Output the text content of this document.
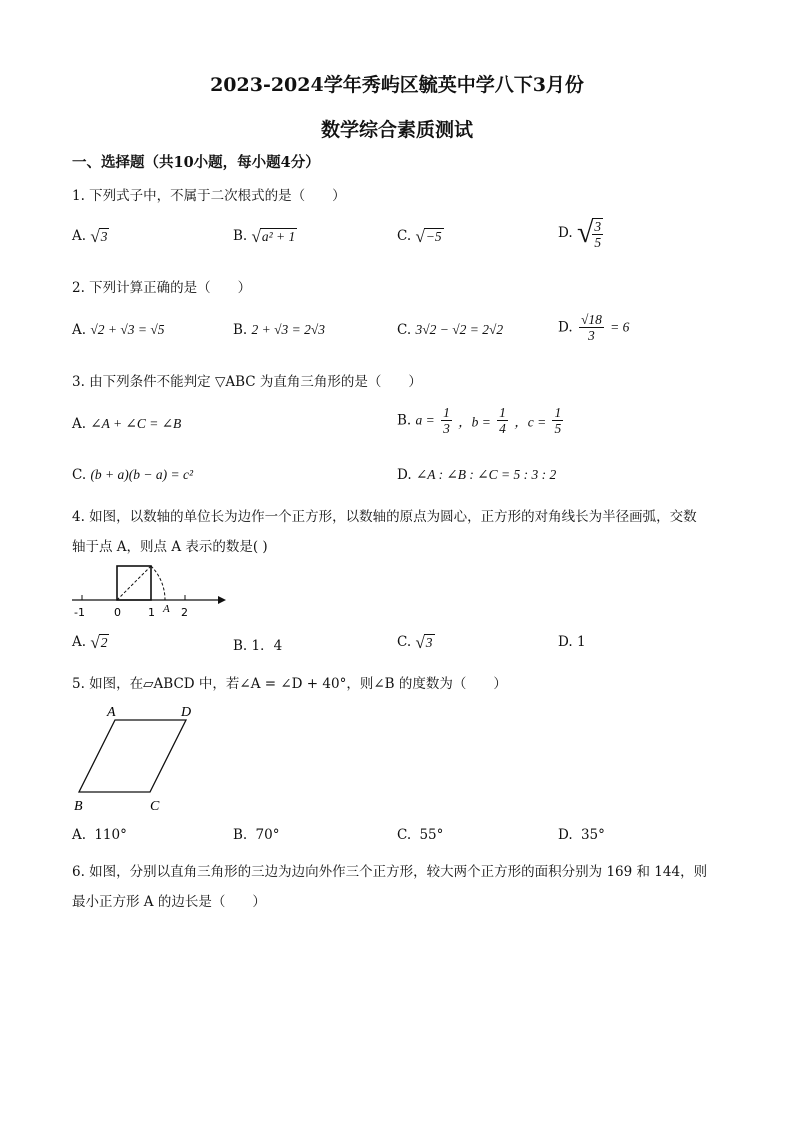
2023-2024学年秀屿区毓英中学八下3月份
数学综合素质测试
一、选择题（共10小题，每小题4分）
1. 下列式子中，不属于二次根式的是（　　）
A. √ 3	B. √ a² + 1	C. √ −5	D. √ $\frac{3}{5}$
2. 下列计算正确的是（　　）
A. √2 + √3 = √5	B. 2 + √3 = 2√3	C. 3√2 − √2 = 2√2	D. $\frac{√18}{3} = 6$
3. 由下列条件不能判定 ▽ABC 为直角三角形的是（　　）
A. ∠A + ∠C = ∠B	B. $a = \frac{1}{3}$ ，$b = \frac{1}{4}$ ，$c = \frac{1}{5}$
C. (b + a)(b − a) = c²	D. ∠A : ∠B : ∠C = 5 : 3 : 2
4. 如图，以数轴的单位长为边作一个正方形，以数轴的原点为圆心，正方形的对角线长为半径画弧，交数
轴于点 A，则点 A 表示的数是( )
-1	0 1 A 2
A. √ 2	B. 1．4	C. √ 3	D. 1
5. 如图，在▱ABCD 中，若∠A = ∠D + 40°，则∠B 的度数为（　　）
A	D
B	C
A. 110°	B. 70°	C. 55°	D. 35°
6. 如图，分别以直角三角形的三边为边向外作三个正方形，较大两个正方形的面积分别为 169 和 144，则
最小正方形 A 的边长是（　　）
